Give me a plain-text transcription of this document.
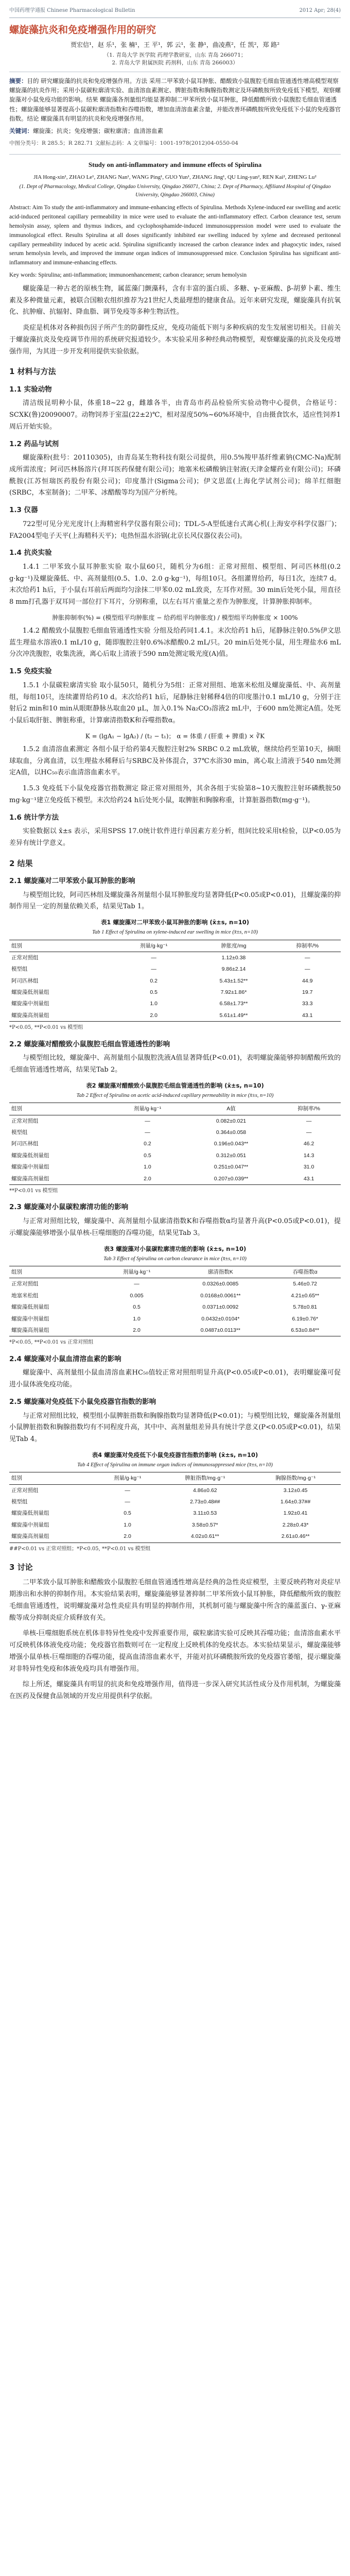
中国药理学通报 Chinese Pharmacological Bulletin	2012 Apr; 28(4)
螺旋藻抗炎和免疫增强作用的研究
贾宏信¹，赵 乐¹，张 楠¹，王 平¹，郭 云¹，张 静¹，曲凌燕²，任 凯²，郑 路²
（1. 青岛大学 医学院 药理学教研室，山东 青岛 266071；
2. 青岛大学 附属医院 药剂科，山东 青岛 266003）

摘要：目的 研究螺旋藻的抗炎和免疫增强作用。方法 采用二甲苯致小鼠耳肿胀、醋酸致小鼠腹腔毛细血管通透性增高模型观察螺旋藻的抗炎作用；采用小鼠碳粒廓清实验、血清溶血素测定、脾脏指数和胸腺指数测定及环磷酰胺所致免疫低下模型，观察螺旋藻对小鼠免疫功能的影响。结果 螺旋藻各剂量组均能显著抑制二甲苯所致小鼠耳肿胀，降低醋酸所致小鼠腹腔毛细血管通透性；螺旋藻能够显著提高小鼠碳粒廓清指数和吞噬指数，增加血清溶血素含量，并能改善环磷酰胺所致免疫低下小鼠的免疫器官指数。结论 螺旋藻具有明显的抗炎和免疫增强作用。

关键词：螺旋藻；抗炎；免疫增强；碳粒廓清；血清溶血素

中图分类号：R 285.5；R 282.71 文献标志码：A 文章编号：1001-1978(2012)04-0550-04
Study on anti-inflammatory and immune effects of Spirulina
JIA Hong-xin¹, ZHAO Le¹, ZHANG Nan¹, WANG Ping¹, GUO Yun¹, ZHANG Jing¹, QU Ling-yan², REN Kai², ZHENG Lu²
(1. Dept of Pharmacology, Medical College, Qingdao University, Qingdao 266071, China; 2. Dept of Pharmacy, Affiliated Hospital of Qingdao University, Qingdao 266003, China)

Abstract: Aim To study the anti-inflammatory and immune-enhancing effects of Spirulina. Methods Xylene-induced ear swelling and acetic acid-induced peritoneal capillary permeability in mice were used to evaluate the anti-inflammatory effect. Carbon clearance test, serum hemolysin assay, spleen and thymus indices, and cyclophosphamide-induced immunosuppression model were used to evaluate the immunological effect. Results Spirulina at all doses significantly inhibited ear swelling induced by xylene and decreased peritoneal capillary permeability induced by acetic acid. Spirulina significantly increased the carbon clearance index and phagocytic index, raised serum hemolysin levels, and improved the immune organ indices of immunosuppressed mice. Conclusion Spirulina has significant anti-inflammatory and immune-enhancing effects.

Key words: Spirulina; anti-inflammation; immunoenhancement; carbon clearance; serum hemolysin

螺旋藻是一种古老的原核生物，属蓝藻门颤藻科，含有丰富的蛋白质、多糖、γ-亚麻酸、β-胡萝卜素、维生素及多种微量元素，被联合国粮农组织推荐为21世纪人类最理想的健康食品。近年来研究发现，螺旋藻具有抗氧化、抗肿瘤、抗辐射、降血脂、调节免疫等多种生物活性。

炎症是机体对各种损伤因子所产生的防御性反应，免疫功能低下则与多种疾病的发生发展密切相关。目前关于螺旋藻抗炎及免疫调节作用的系统研究报道较少。本实验采用多种经典动物模型，观察螺旋藻的抗炎及免疫增强作用，为其进一步开发利用提供实验依据。

1 材料与方法
1.1 实验动物

清洁级昆明种小鼠，体重18~22 g，雌雄各半，由青岛市药品检验所实验动物中心提供，合格证号：SCXK(鲁)20090007。动物饲养于室温(22±2)℃，相对湿度50%~60%环境中，自由摄食饮水，适应性饲养1周后开始实验。

1.2 药品与试剂

螺旋藻粉(批号：20110305)，由青岛某生物科技有限公司提供，用0.5%羧甲基纤维素钠(CMC-Na)配制成所需浓度；阿司匹林肠溶片(拜耳医药保健有限公司)；地塞米松磷酸钠注射液(天津金耀药业有限公司)；环磷酰胺(江苏恒瑞医药股份有限公司)；印度墨汁(Sigma公司)；伊文思蓝(上海化学试剂公司)；绵羊红细胞(SRBC，本室制备)；二甲苯、冰醋酸等均为国产分析纯。

1.3 仪器

722型可见分光光度计(上海精密科学仪器有限公司)；TDL-5-A型低速台式离心机(上海安亭科学仪器厂)；FA2004型电子天平(上海精科天平)；电热恒温水浴锅(北京长风仪器仪表公司)。

1.4 抗炎实验

1.4.1 二甲苯致小鼠耳肿胀实验 取小鼠60只，随机分为6组：正常对照组、模型组、阿司匹林组(0.2 g·kg⁻¹)及螺旋藻低、中、高剂量组(0.5、1.0、2.0 g·kg⁻¹)，每组10只。各组灌胃给药，每日1次，连续7 d。末次给药1 h后，于小鼠右耳前后两面均匀涂抹二甲苯0.02 mL致炎，左耳作对照。30 min后处死小鼠，用直径8 mm打孔器于双耳同一部位打下耳片，分别称重，以左右耳片重量之差作为肿胀度，计算肿胀抑制率。

肿胀抑制率(%) = (模型组平均肿胀度 − 给药组平均肿胀度) / 模型组平均肿胀度 × 100%

1.4.2 醋酸致小鼠腹腔毛细血管通透性实验 分组及给药同1.4.1。末次给药1 h后，尾静脉注射0.5%伊文思蓝生理盐水溶液0.1 mL/10 g，随即腹腔注射0.6%冰醋酸0.2 mL/只。20 min后处死小鼠，用生理盐水6 mL分次冲洗腹腔，收集洗液，离心后取上清液于590 nm处测定吸光度(A)值。

1.5 免疫实验

1.5.1 小鼠碳粒廓清实验 取小鼠50只，随机分为5组：正常对照组、地塞米松组及螺旋藻低、中、高剂量组，每组10只，连续灌胃给药10 d。末次给药1 h后，尾静脉注射稀释4倍的印度墨汁0.1 mL/10 g，分别于注射后2 min和10 min从眼眶静脉丛取血20 μL，加入0.1% Na₂CO₃溶液2 mL中，于600 nm处测定A值。处死小鼠后取肝脏、脾脏称重，计算廓清指数K和吞噬指数α。

K = (lgA₁ − lgA₂) / (t₂ − t₁)； α = 体重 / (肝重 + 脾重) × ∛K

1.5.2 血清溶血素测定 各组小鼠于给药第4天腹腔注射2% SRBC 0.2 mL致敏，继续给药至第10天，摘眼球取血，分离血清，以生理盐水稀释后与SRBC及补体混合，37℃水浴30 min，离心取上清液于540 nm处测定A值，以HC₅₀表示血清溶血素水平。

1.5.3 免疫低下小鼠免疫器官指数测定 除正常对照组外，其余各组于实验第8~10天腹腔注射环磷酰胺50 mg·kg⁻¹建立免疫低下模型。末次给药24 h后处死小鼠，取脾脏和胸腺称重，计算脏器指数(mg·g⁻¹)。

1.6 统计学方法

实验数据以 x̄±s 表示，采用SPSS 17.0统计软件进行单因素方差分析，组间比较采用t检验，以P<0.05为差异有统计学意义。

2 结果
2.1 螺旋藻对二甲苯致小鼠耳肿胀的影响

与模型组比较，阿司匹林组及螺旋藻各剂量组小鼠耳肿胀度均显著降低(P<0.05或P<0.01)，且螺旋藻的抑制作用呈一定的剂量依赖关系，结果见Tab 1。

表1 螺旋藻对二甲苯致小鼠耳肿胀的影响 (x̄±s, n=10)
Tab 1 Effect of Spirulina on xylene-induced ear swelling in mice (x̄±s, n=10)
组别	剂量/g·kg⁻¹	肿胀度/mg	抑制率/%
正常对照组	—	1.12±0.38	—
模型组	—	9.86±2.14	—
阿司匹林组	0.2	5.43±1.52**	44.9
螺旋藻低剂量组	0.5	7.92±1.86*	19.7
螺旋藻中剂量组	1.0	6.58±1.73**	33.3
螺旋藻高剂量组	2.0	5.61±1.49**	43.1
*P<0.05, **P<0.01 vs 模型组
2.2 螺旋藻对醋酸致小鼠腹腔毛细血管通透性的影响

与模型组比较，螺旋藻中、高剂量组小鼠腹腔洗液A值显著降低(P<0.01)，表明螺旋藻能够抑制醋酸所致的毛细血管通透性增高，结果见Tab 2。

表2 螺旋藻对醋酸致小鼠腹腔毛细血管通透性的影响 (x̄±s, n=10)
Tab 2 Effect of Spirulina on acetic acid-induced capillary permeability in mice (x̄±s, n=10)
组别	剂量/g·kg⁻¹	A值	抑制率/%
正常对照组	—	0.082±0.021	—
模型组	—	0.364±0.058	—
阿司匹林组	0.2	0.196±0.043**	46.2
螺旋藻低剂量组	0.5	0.312±0.051	14.3
螺旋藻中剂量组	1.0	0.251±0.047**	31.0
螺旋藻高剂量组	2.0	0.207±0.039**	43.1
**P<0.01 vs 模型组
2.3 螺旋藻对小鼠碳粒廓清功能的影响

与正常对照组比较，螺旋藻中、高剂量组小鼠廓清指数K和吞噬指数α均显著升高(P<0.05或P<0.01)，提示螺旋藻能够增强小鼠单核-巨噬细胞的吞噬功能，结果见Tab 3。

表3 螺旋藻对小鼠碳粒廓清功能的影响 (x̄±s, n=10)
Tab 3 Effect of Spirulina on carbon clearance in mice (x̄±s, n=10)
组别	剂量/g·kg⁻¹	廓清指数K	吞噬指数α
正常对照组	—	0.0326±0.0085	5.46±0.72
地塞米松组	0.005	0.0168±0.0061**	4.21±0.65**
螺旋藻低剂量组	0.5	0.0371±0.0092	5.78±0.81
螺旋藻中剂量组	1.0	0.0432±0.0104*	6.19±0.76*
螺旋藻高剂量组	2.0	0.0487±0.0113**	6.53±0.84**
*P<0.05, **P<0.01 vs 正常对照组
2.4 螺旋藻对小鼠血清溶血素的影响

螺旋藻中、高剂量组小鼠血清溶血素HC₅₀值较正常对照组明显升高(P<0.05或P<0.01)，表明螺旋藻可促进小鼠体液免疫功能。

2.5 螺旋藻对免疫低下小鼠免疫器官指数的影响

与正常对照组比较，模型组小鼠脾脏指数和胸腺指数均显著降低(P<0.01)；与模型组比较，螺旋藻各剂量组小鼠脾脏指数和胸腺指数均有不同程度升高，其中中、高剂量组差异具有统计学意义(P<0.05或P<0.01)，结果见Tab 4。

表4 螺旋藻对免疫低下小鼠免疫器官指数的影响 (x̄±s, n=10)
Tab 4 Effect of Spirulina on immune organ indices of immunosuppressed mice (x̄±s, n=10)
组别	剂量/g·kg⁻¹	脾脏指数/mg·g⁻¹	胸腺指数/mg·g⁻¹
正常对照组	—	4.86±0.62	3.12±0.45
模型组	—	2.73±0.48##	1.64±0.37##
螺旋藻低剂量组	0.5	3.11±0.53	1.92±0.41
螺旋藻中剂量组	1.0	3.58±0.57*	2.28±0.43*
螺旋藻高剂量组	2.0	4.02±0.61**	2.61±0.46**
##P<0.01 vs 正常对照组；*P<0.05, **P<0.01 vs 模型组
3 讨论

二甲苯致小鼠耳肿胀和醋酸致小鼠腹腔毛细血管通透性增高是经典的急性炎症模型，主要反映药物对炎症早期渗出和水肿的抑制作用。本实验结果表明，螺旋藻能够显著抑制二甲苯所致小鼠耳肿胀，降低醋酸所致的腹腔毛细血管通透性，说明螺旋藻对急性炎症具有明显的抑制作用，其机制可能与螺旋藻中所含的藻蓝蛋白、γ-亚麻酸等成分抑制炎症介质释放有关。

单核-巨噬细胞系统在机体非特异性免疫中发挥重要作用，碳粒廓清实验可反映其吞噬功能；血清溶血素水平可反映机体体液免疫功能；免疫器官指数则可在一定程度上反映机体的免疫状态。本实验结果显示，螺旋藻能够增强小鼠单核-巨噬细胞的吞噬功能，提高血清溶血素水平，并能对抗环磷酰胺所致的免疫器官萎缩，提示螺旋藻对非特异性免疫和体液免疫均具有增强作用。

综上所述，螺旋藻具有明显的抗炎和免疫增强作用，值得进一步深入研究其活性成分及作用机制，为螺旋藻在医药及保健食品领域的开发应用提供科学依据。
